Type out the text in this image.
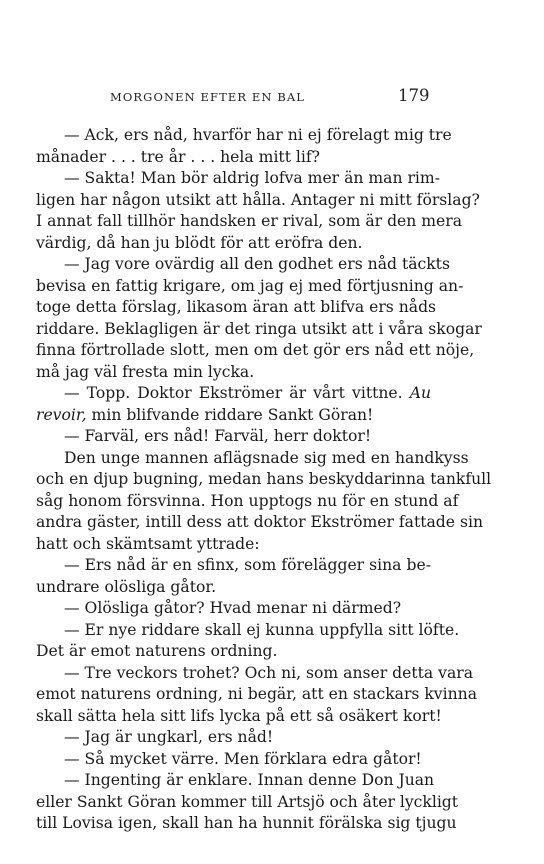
MORGONEN EFTER EN BAL	179
— Ack, ers nåd, hvarför har ni ej förelagt mig tre
månader . . . tre år . . . hela mitt lif?
— Sakta! Man bör aldrig lofva mer än man rim-
ligen har någon utsikt att hålla. Antager ni mitt förslag?
I annat fall tillhör handsken er rival, som är den mera
värdig, då han ju blödt för att eröfra den.
— Jag vore ovärdig all den godhet ers nåd täckts
bevisa en fattig krigare, om jag ej med förtjusning an-
toge detta förslag, likasom äran att blifva ers nåds
riddare. Beklagligen är det ringa utsikt att i våra skogar
finna förtrollade slott, men om det gör ers nåd ett nöje,
må jag väl fresta min lycka.
— Topp. Doktor Ekströmer är vårt vittne. Au
revoir, min blifvande riddare Sankt Göran!
— Farväl, ers nåd! Farväl, herr doktor!
Den unge mannen aflägsnade sig med en handkyss
och en djup bugning, medan hans beskyddarinna tankfull
såg honom försvinna. Hon upptogs nu för en stund af
andra gäster, intill dess att doktor Ekströmer fattade sin
hatt och skämtsamt yttrade:
— Ers nåd är en sfinx, som förelägger sina be-
undrare olösliga gåtor.
— Olösliga gåtor? Hvad menar ni därmed?
— Er nye riddare skall ej kunna uppfylla sitt löfte.
Det är emot naturens ordning.
— Tre veckors trohet? Och ni, som anser detta vara
emot naturens ordning, ni begär, att en stackars kvinna
skall sätta hela sitt lifs lycka på ett så osäkert kort!
— Jag är ungkarl, ers nåd!
— Så mycket värre. Men förklara edra gåtor!
— Ingenting är enklare. Innan denne Don Juan
eller Sankt Göran kommer till Artsjö och åter lyckligt
till Lovisa igen, skall han ha hunnit förälska sig tjugu
